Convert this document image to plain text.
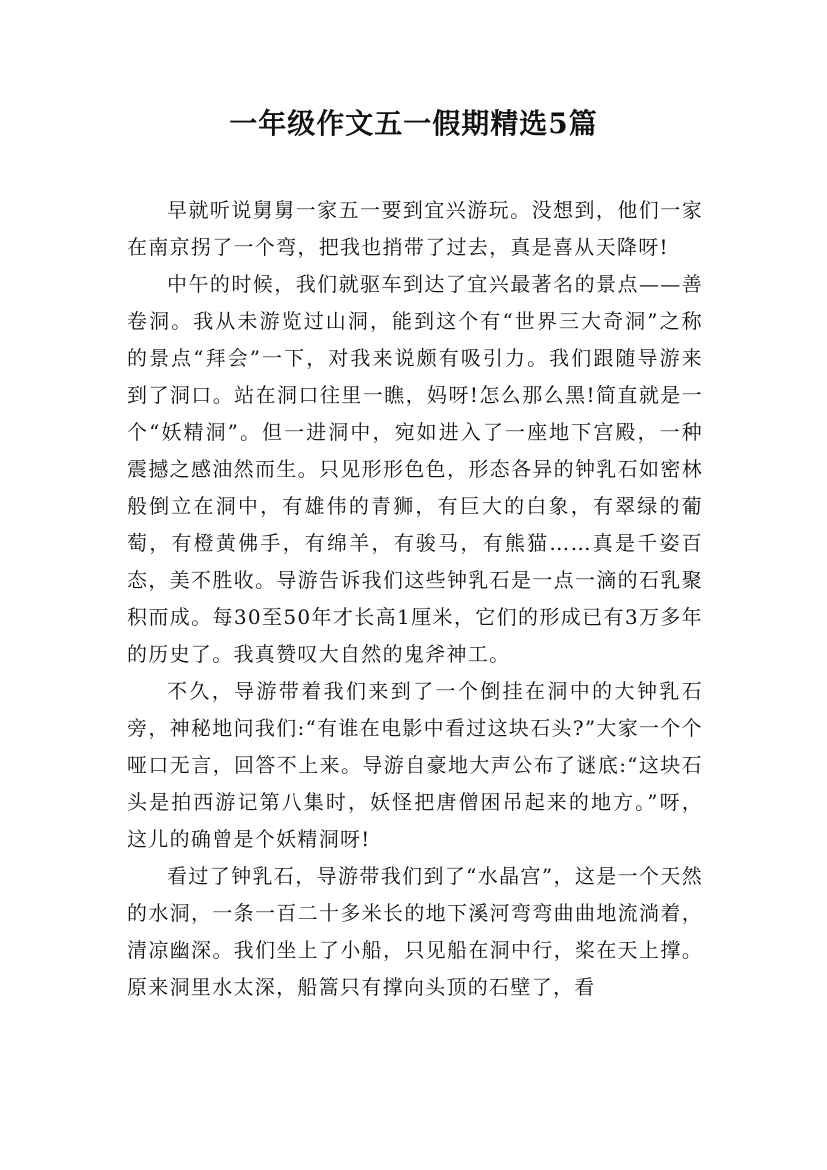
一年级作文五一假期精选5篇

早就听说舅舅一家五一要到宜兴游玩。没想到，他们一家在南京拐了一个弯，把我也捎带了过去，真是喜从天降呀!

中午的时候，我们就驱车到达了宜兴最著名的景点——善卷洞。我从未游览过山洞，能到这个有“世界三大奇洞”之称的景点“拜会”一下，对我来说颇有吸引力。我们跟随导游来到了洞口。站在洞口往里一瞧，妈呀!怎么那么黑!简直就是一个“妖精洞”。但一进洞中，宛如进入了一座地下宫殿，一种震撼之感油然而生。只见形形色色，形态各异的钟乳石如密林般倒立在洞中，有雄伟的青狮，有巨大的白象，有翠绿的葡萄，有橙黄佛手，有绵羊，有骏马，有熊猫……真是千姿百态，美不胜收。导游告诉我们这些钟乳石是一点一滴的石乳聚积而成。每30至50年才长高1厘米，它们的形成已有3万多年的历史了。我真赞叹大自然的鬼斧神工。

不久，导游带着我们来到了一个倒挂在洞中的大钟乳石旁，神秘地问我们:“有谁在电影中看过这块石头?”大家一个个哑口无言，回答不上来。导游自豪地大声公布了谜底:“这块石头是拍西游记第八集时，妖怪把唐僧困吊起来的地方。”呀，这儿的确曾是个妖精洞呀!

看过了钟乳石，导游带我们到了“水晶宫”，这是一个天然的水洞，一条一百二十多米长的地下溪河弯弯曲曲地流淌着，清凉幽深。我们坐上了小船，只见船在洞中行，桨在天上撑。原来洞里水太深，船篙只有撑向头顶的石壁了，看
